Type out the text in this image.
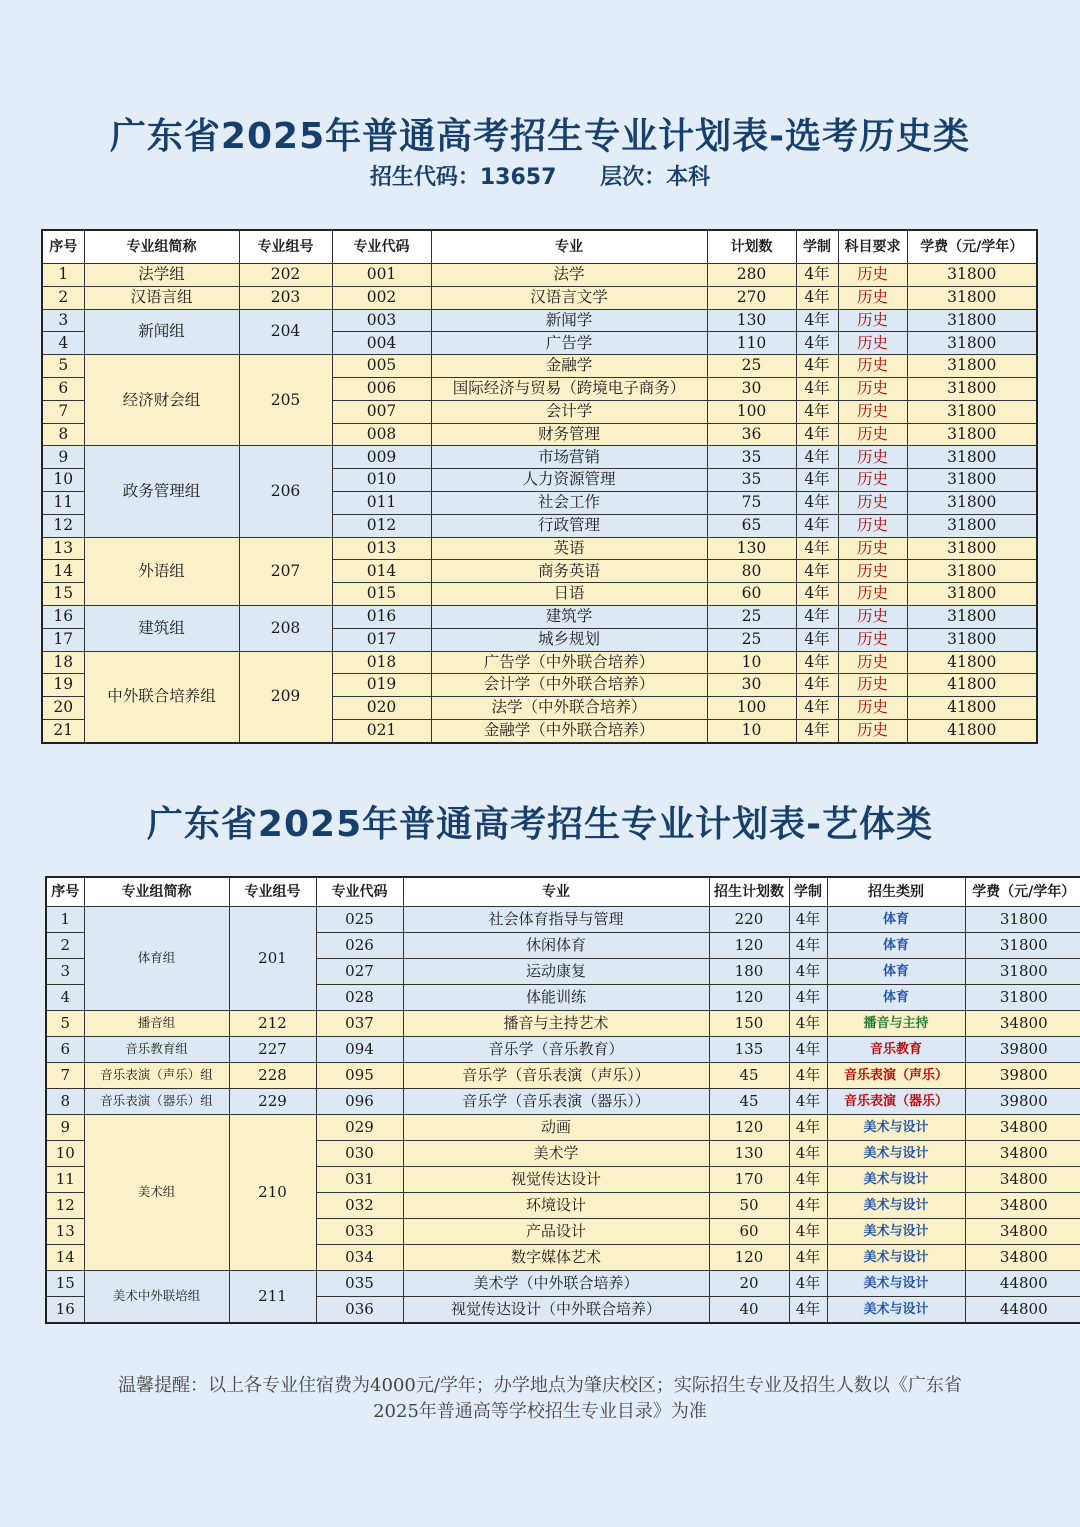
广东省2025年普通高考招生专业计划表-选考历史类
招生代码：13657 层次：本科
序号	专业组简称	专业组号	专业代码	专业	计划数	学制	科目要求	学费（元/学年）
1	法学组	202	001	法学	280	4年	历史	31800
2	汉语言组	203	002	汉语言文学	270	4年	历史	31800
3	新闻组	204	003	新闻学	130	4年	历史	31800
4			004	广告学	110	4年	历史	31800
5	经济财会组	205	005	金融学	25	4年	历史	31800
6			006	国际经济与贸易（跨境电子商务）	30	4年	历史	31800
7			007	会计学	100	4年	历史	31800
8			008	财务管理	36	4年	历史	31800
9	政务管理组	206	009	市场营销	35	4年	历史	31800
10			010	人力资源管理	35	4年	历史	31800
11			011	社会工作	75	4年	历史	31800
12			012	行政管理	65	4年	历史	31800
13	外语组	207	013	英语	130	4年	历史	31800
14			014	商务英语	80	4年	历史	31800
15			015	日语	60	4年	历史	31800
16	建筑组	208	016	建筑学	25	4年	历史	31800
17			017	城乡规划	25	4年	历史	31800
18	中外联合培养组	209	018	广告学（中外联合培养）	10	4年	历史	41800
19			019	会计学（中外联合培养）	30	4年	历史	41800
20			020	法学（中外联合培养）	100	4年	历史	41800
21			021	金融学（中外联合培养）	10	4年	历史	41800
广东省2025年普通高考招生专业计划表-艺体类
序号	专业组简称	专业组号	专业代码	专业	招生计划数	学制	招生类别	学费（元/学年）
1	体育组	201	025	社会体育指导与管理	220	4年	体育	31800
2			026	休闲体育	120	4年	体育	31800
3			027	运动康复	180	4年	体育	31800
4			028	体能训练	120	4年	体育	31800
5	播音组	212	037	播音与主持艺术	150	4年	播音与主持	34800
6	音乐教育组	227	094	音乐学（音乐教育）	135	4年	音乐教育	39800
7	音乐表演（声乐）组	228	095	音乐学（音乐表演（声乐））	45	4年	音乐表演（声乐）	39800
8	音乐表演（器乐）组	229	096	音乐学（音乐表演（器乐））	45	4年	音乐表演（器乐）	39800
9	美术组	210	029	动画	120	4年	美术与设计	34800
10			030	美术学	130	4年	美术与设计	34800
11			031	视觉传达设计	170	4年	美术与设计	34800
12			032	环境设计	50	4年	美术与设计	34800
13			033	产品设计	60	4年	美术与设计	34800
14			034	数字媒体艺术	120	4年	美术与设计	34800
15	美术中外联培组	211	035	美术学（中外联合培养）	20	4年	美术与设计	44800
16			036	视觉传达设计（中外联合培养）	40	4年	美术与设计	44800
温馨提醒：以上各专业住宿费为4000元/学年；办学地点为肇庆校区；实际招生专业及招生人数以《广东省
2025年普通高等学校招生专业目录》为准
